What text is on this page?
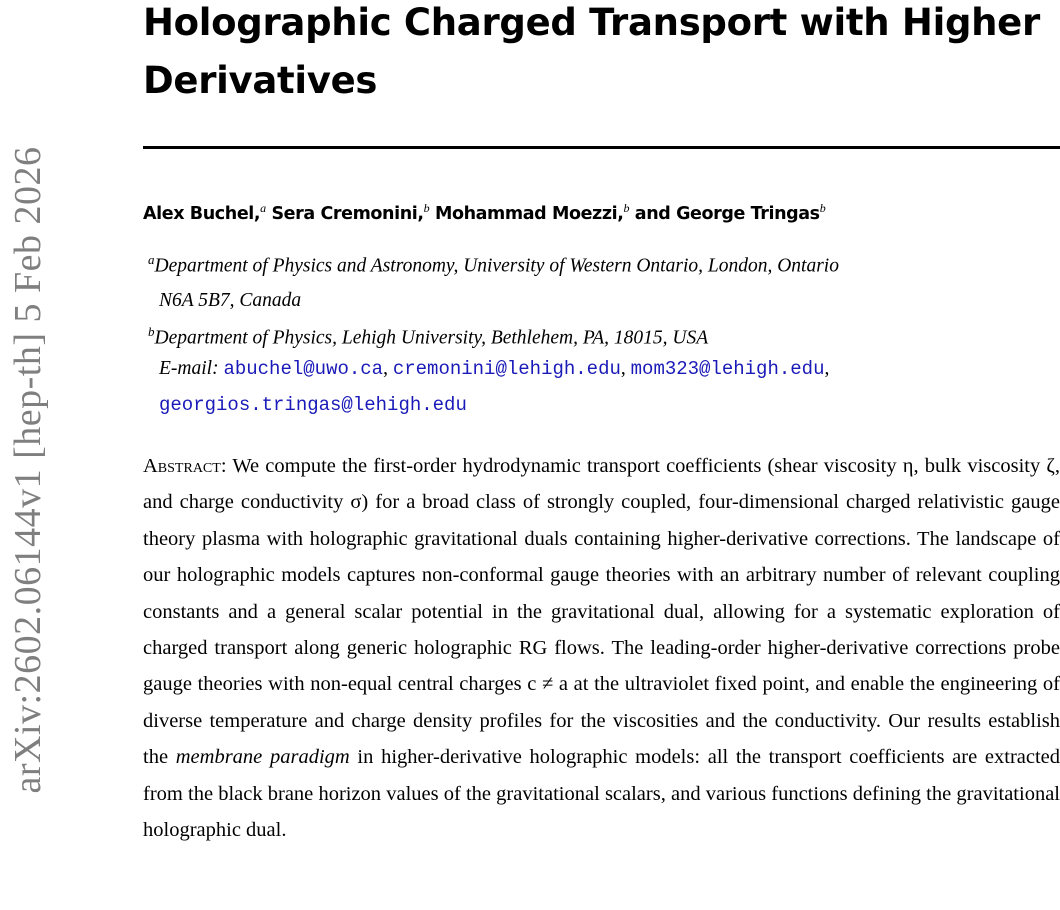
arXiv:2602.06144v1 [hep-th] 5 Feb 2026
Holographic Charged Transport with Higher Derivatives
Alex Buchel,$^a$ Sera Cremonini,$^b$ Mohammad Moezzi,$^b$ and George Tringas$^b$
$^a$Department of Physics and Astronomy, University of Western Ontario, London, Ontario
N6A 5B7, Canada
$^b$Department of Physics, Lehigh University, Bethlehem, PA, 18015, USA
E-mail: abuchel@uwo.ca, cremonini@lehigh.edu, mom323@lehigh.edu,
georgios.tringas@lehigh.edu
Abstract: We compute the first-order hydrodynamic transport coefficients (shear viscosity η, bulk viscosity ζ, and charge conductivity σ) for a broad class of strongly coupled, four-dimensional charged relativistic gauge theory plasma with holographic gravitational duals containing higher-derivative corrections. The landscape of our holographic models captures non-conformal gauge theories with an arbitrary number of relevant coupling constants and a general scalar potential in the gravitational dual, allowing for a systematic exploration of charged transport along generic holographic RG flows. The leading-order higher-derivative corrections probe gauge theories with non-equal central charges c ≠ a at the ultraviolet fixed point, and enable the engineering of diverse temperature and charge density profiles for the viscosities and the conductivity. Our results establish the membrane paradigm in higher-derivative holographic models: all the transport coefficients are extracted from the black brane horizon values of the gravitational scalars, and various functions defining the gravitational holographic dual.
